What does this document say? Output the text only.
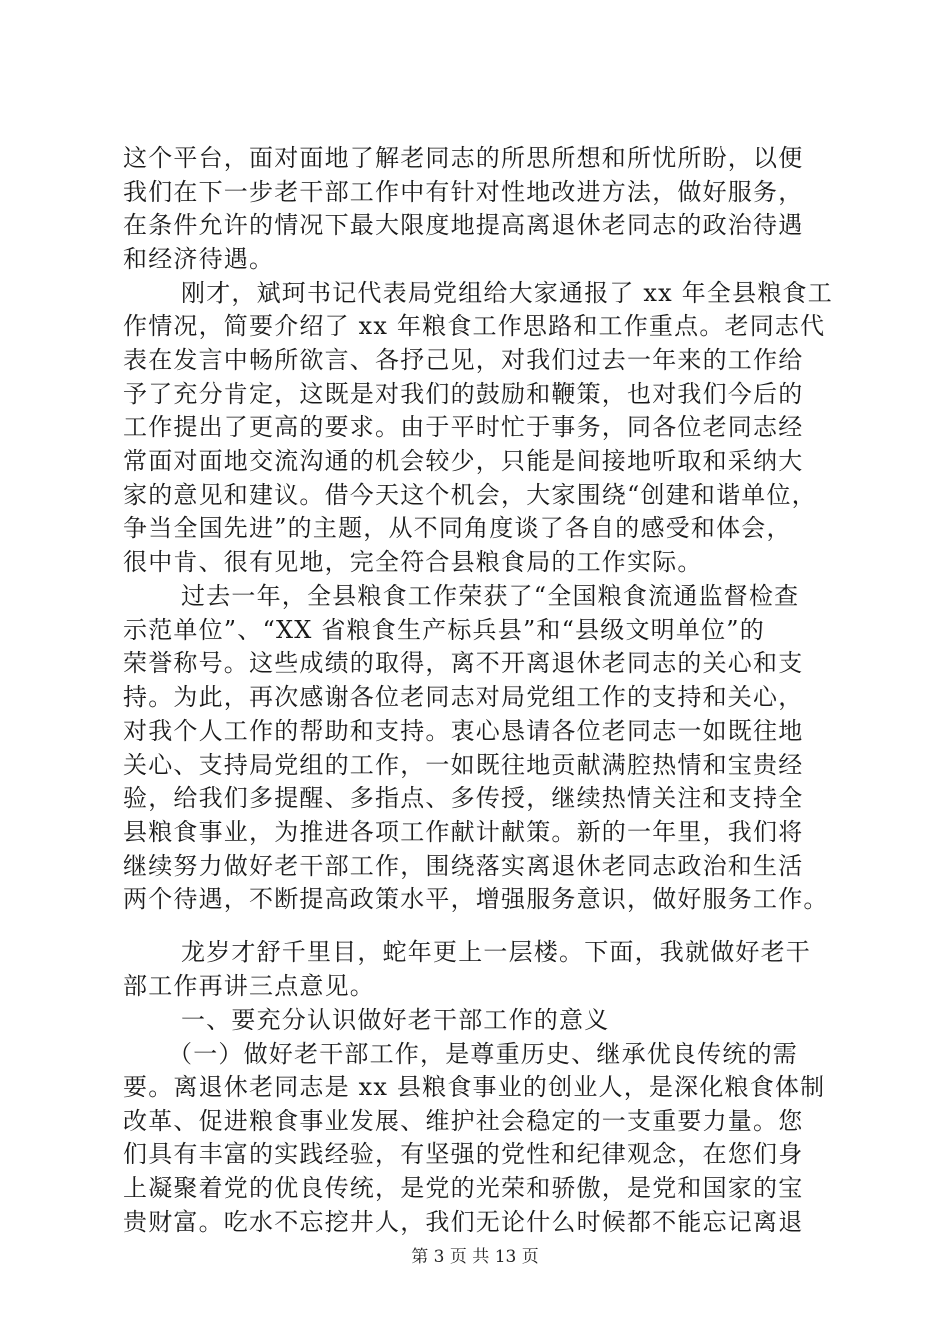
这个平台，面对面地了解老同志的所思所想和所忧所盼，以便
我们在下一步老干部工作中有针对性地改进方法，做好服务，
在条件允许的情况下最大限度地提高离退休老同志的政治待遇
和经济待遇。
刚才，斌珂书记代表局党组给大家通报了 xx 年全县粮食工
作情况，简要介绍了 xx 年粮食工作思路和工作重点。老同志代
表在发言中畅所欲言、各抒己见，对我们过去一年来的工作给
予了充分肯定，这既是对我们的鼓励和鞭策，也对我们今后的
工作提出了更高的要求。由于平时忙于事务，同各位老同志经
常面对面地交流沟通的机会较少，只能是间接地听取和采纳大
家的意见和建议。借今天这个机会，大家围绕“创建和谐单位，
争当全国先进”的主题，从不同角度谈了各自的感受和体会，
很中肯、很有见地，完全符合县粮食局的工作实际。
过去一年，全县粮食工作荣获了“全国粮食流通监督检查
示范单位”、“XX 省粮食生产标兵县”和“县级文明单位”的
荣誉称号。这些成绩的取得，离不开离退休老同志的关心和支
持。为此，再次感谢各位老同志对局党组工作的支持和关心，
对我个人工作的帮助和支持。衷心恳请各位老同志一如既往地
关心、支持局党组的工作，一如既往地贡献满腔热情和宝贵经
验，给我们多提醒、多指点、多传授，继续热情关注和支持全
县粮食事业，为推进各项工作献计献策。新的一年里，我们将
继续努力做好老干部工作，围绕落实离退休老同志政治和生活
两个待遇，不断提高政策水平，增强服务意识，做好服务工作。
龙岁才舒千里目，蛇年更上一层楼。下面，我就做好老干
部工作再讲三点意见。
一、要充分认识做好老干部工作的意义
（一）做好老干部工作，是尊重历史、继承优良传统的需
要。离退休老同志是 xx 县粮食事业的创业人，是深化粮食体制
改革、促进粮食事业发展、维护社会稳定的一支重要力量。您
们具有丰富的实践经验，有坚强的党性和纪律观念，在您们身
上凝聚着党的优良传统，是党的光荣和骄傲，是党和国家的宝
贵财富。吃水不忘挖井人，我们无论什么时候都不能忘记离退
第 3 页 共 13 页
